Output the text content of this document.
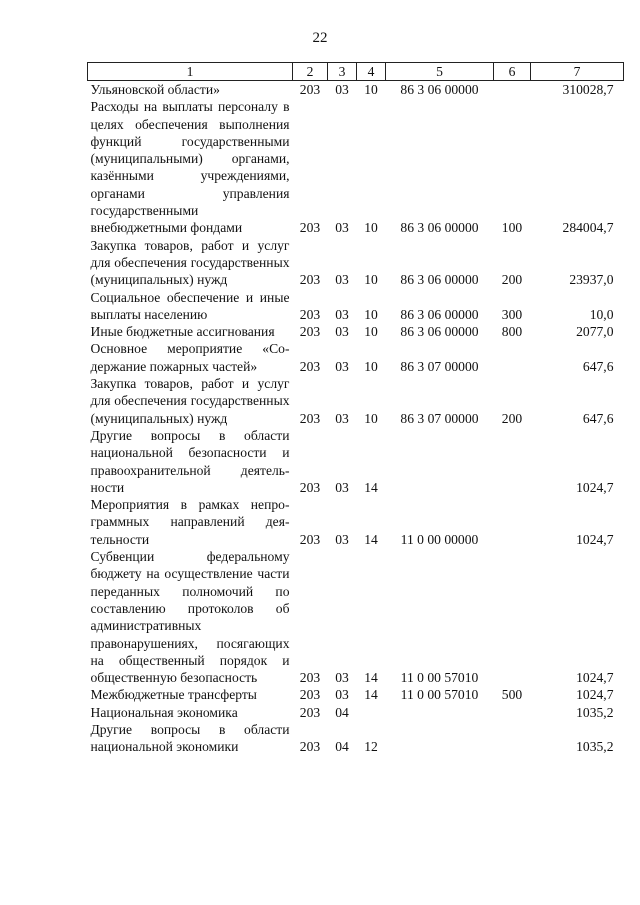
22
1	2	3	4	5	6	7
Ульяновской области»	203	03	10	86 3 06 00000		310028,7
Расходы на выплаты персоналу в целях обеспечения выполнения функций государственными (муниципальными) органами, казёнными учреждениями, органами управления государственными внебюджетными фондами	203	03	10	86 3 06 00000	100	284004,7
Закупка товаров, работ и услуг для обеспечения государственных (муниципальных) нужд	203	03	10	86 3 06 00000	200	23937,0
Социальное обеспечение и иные выплаты населению	203	03	10	86 3 06 00000	300	10,0
Иные бюджетные ассигнования	203	03	10	86 3 06 00000	800	2077,0
Основное мероприятие «Содержание пожарных частей»	203	03	10	86 3 07 00000		647,6
Закупка товаров, работ и услуг для обеспечения государственных (муниципальных) нужд	203	03	10	86 3 07 00000	200	647,6
Другие вопросы в области национальной безопасности и правоохранительной деятельности	203	03	14			1024,7
Мероприятия в рамках непрограммных направлений деятельности	203	03	14	11 0 00 00000		1024,7
Субвенции федеральному бюджету на осуществление части переданных полномочий по составлению протоколов об административных правонарушениях, посягающих на общественный порядок и общественную безопасность	203	03	14	11 0 00 57010		1024,7
Межбюджетные трансферты	203	03	14	11 0 00 57010	500	1024,7
Национальная экономика	203	04				1035,2
Другие вопросы в области национальной экономики	203	04	12			1035,2
